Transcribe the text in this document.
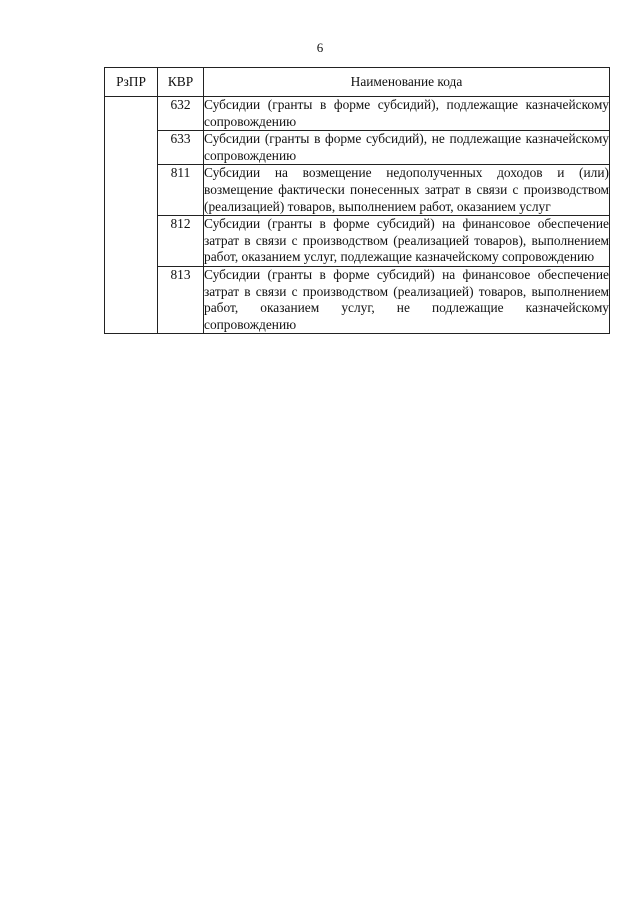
6
РзПР	КВР	Наименование кода
	632	Субсидии (гранты в форме субсидий), подлежащие казначейскому сопровождению
	633	Субсидии (гранты в форме субсидий), не подлежащие казначейскому сопровождению
	811	Субсидии на возмещение недополученных доходов и (или) возмещение фактически понесенных затрат в связи с производством (реализацией) товаров, выполнением работ, оказанием услуг
	812	Субсидии (гранты в форме субсидий) на финансовое обеспечение затрат в связи с производством (реализацией товаров), выполнением работ, оказанием услуг, подлежащие казначейскому сопровождению
	813	Субсидии (гранты в форме субсидий) на финансовое обеспечение затрат в связи с производством (реализацией) товаров, выполнением работ, оказанием услуг, не подлежащие казначейскому сопровождению
